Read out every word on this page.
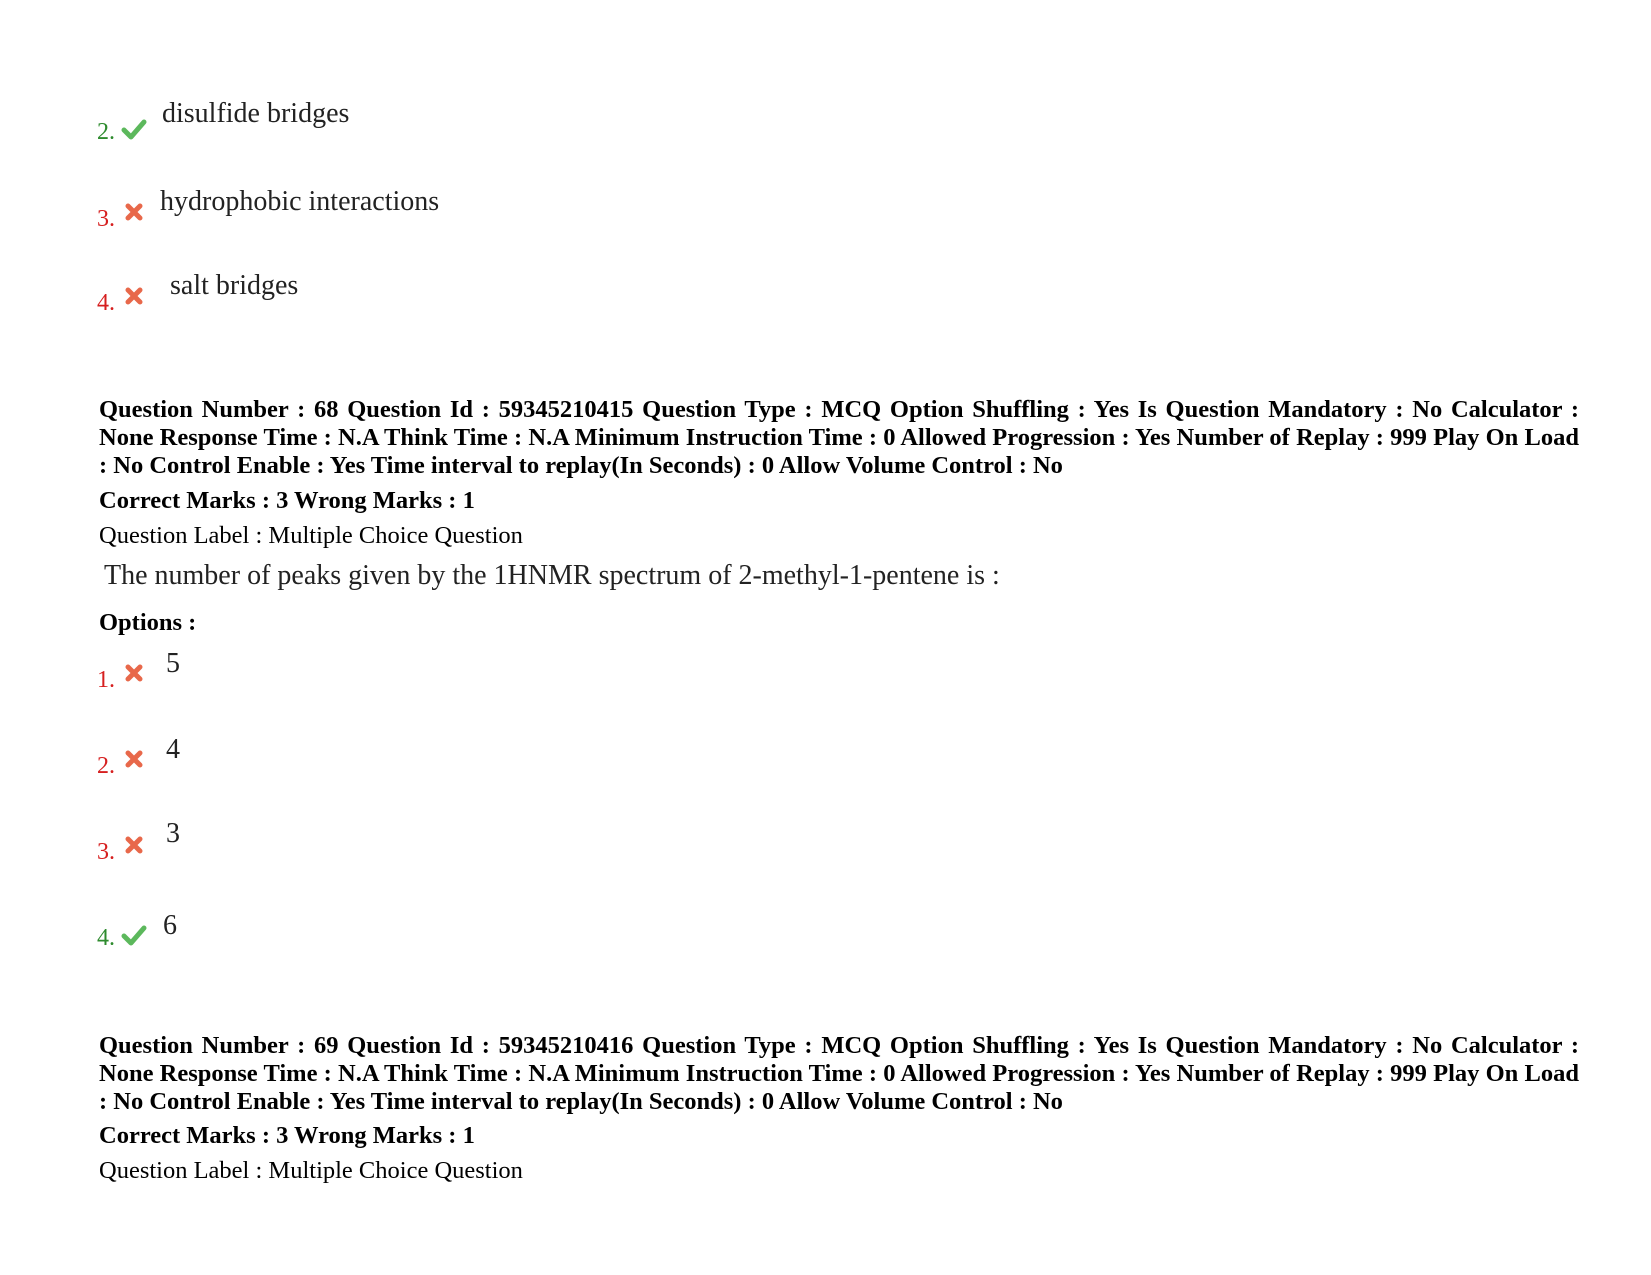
2.
disulfide bridges
3.
hydrophobic interactions
4.
salt bridges
Question Number : 68 Question Id : 59345210415 Question Type : MCQ Option Shuffling : Yes Is Question Mandatory : No Calculator : None Response Time : N.A Think Time : N.A Minimum Instruction Time : 0 Allowed Progression : Yes Number of Replay : 999 Play On Load : No Control Enable : Yes Time interval to replay(In Seconds) : 0 Allow Volume Control : No
Correct Marks : 3 Wrong Marks : 1
Question Label : Multiple Choice Question
The number of peaks given by the 1HNMR spectrum of 2-methyl-1-pentene is :
Options :
1.
5
2.
4
3.
3
4. 6
Question Number : 69 Question Id : 59345210416 Question Type : MCQ Option Shuffling : Yes Is Question Mandatory : No Calculator : None Response Time : N.A Think Time : N.A Minimum Instruction Time : 0 Allowed Progression : Yes Number of Replay : 999 Play On Load : No Control Enable : Yes Time interval to replay(In Seconds) : 0 Allow Volume Control : No
Correct Marks : 3 Wrong Marks : 1
Question Label : Multiple Choice Question
